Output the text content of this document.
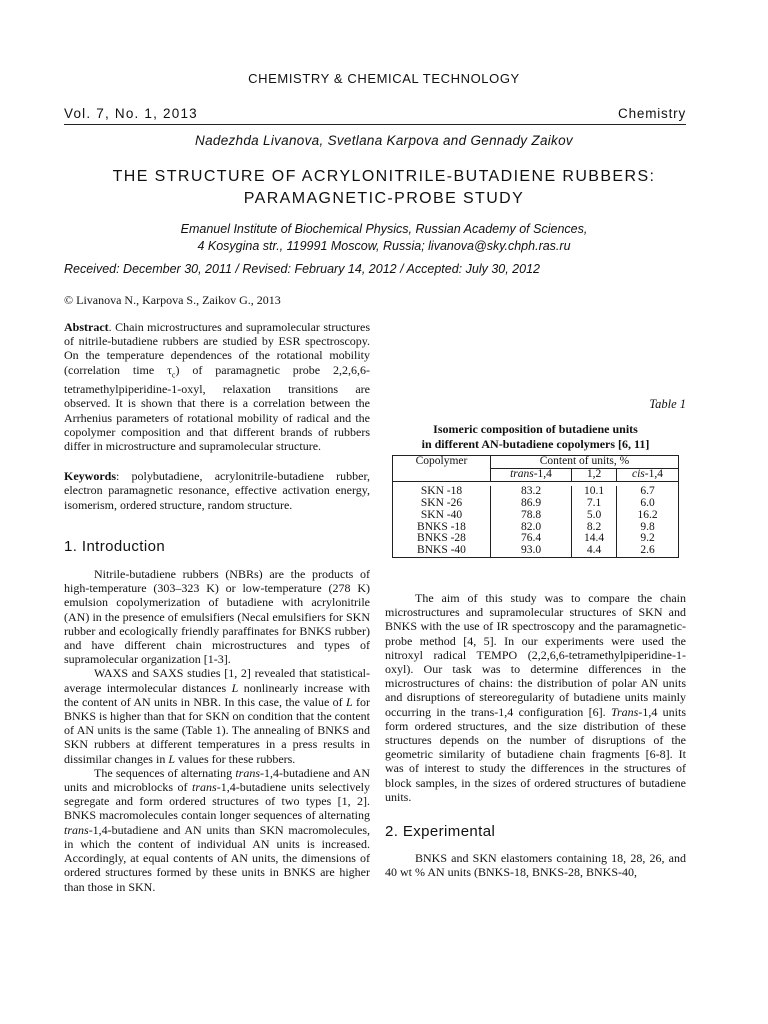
CHEMISTRY & CHEMICAL TECHNOLOGY
Vol. 7, No. 1, 2013	Chemistry
Nadezhda Livanova, Svetlana Karpova and Gennady Zaikov
THE STRUCTURE OF ACRYLONITRILE-BUTADIENE RUBBERS:
PARAMAGNETIC-PROBE STUDY
Emanuel Institute of Biochemical Physics, Russian Academy of Sciences,
4 Kosygina str., 119991 Moscow, Russia; livanova@sky.chph.ras.ru
Received: December 30, 2011 / Revised: February 14, 2012 / Accepted: July 30, 2012
© Livanova N., Karpova S., Zaikov G., 2013

Abstract. Chain microstructures and supramolecular structures of nitrile-butadiene rubbers are studied by ESR spectroscopy. On the temperature dependences of the rotational mobility (correlation time $\tau_c$) of paramagnetic probe 2,2,6,6-tetramethylpiperidine-1-oxyl, relaxation transitions are observed. It is shown that there is a correlation between the Arrhenius parameters of rotational mobility of radical and the copolymer composition and that different brands of rubbers differ in microstructure and supramolecular structure.

Keywords: polybutadiene, acrylonitrile-butadiene rubber, electron paramagnetic resonance, effective activation energy, isomerism, ordered structure, random structure.

1. Introduction

Nitrile-butadiene rubbers (NBRs) are the products of high-temperature (303–323 K) or low-temperature (278 K) emulsion copolymerization of butadiene with acrylonitrile (AN) in the presence of emulsifiers (Necal emulsifiers for SKN rubber and ecologically friendly paraffinates for BNKS rubber) and have different chain microstructures and types of supramolecular organization [1-3].

WAXS and SAXS studies [1, 2] revealed that statistical-average intermolecular distances L nonlinearly increase with the content of AN units in NBR. In this case, the value of L for BNKS is higher than that for SKN on condition that the content of AN units is the same (Table 1). The annealing of BNKS and SKN rubbers at different temperatures in a press results in dissimilar changes in L values for these rubbers.

The sequences of alternating trans-1,4-butadiene and AN units and microblocks of trans-1,4-butadiene units selectively segregate and form ordered structures of two types [1, 2]. BNKS macromolecules contain longer sequences of alternating trans-1,4-butadiene and AN units than SKN macromolecules, in which the content of individual AN units is increased. Accordingly, at equal contents of AN units, the dimensions of ordered structures formed by these units in BNKS are higher than those in SKN.

Table 1
Isomeric composition of butadiene units
in different AN-butadiene copolymers [6, 11]
Copolymer	Content of units, %		
	trans-1,4	1,2	cis-1,4

SKN -18	83.2	10.1	6.7
SKN -26	86.9	7.1	6.0
SKN -40	78.8	5.0	16.2
BNKS -18	82.0	8.2	9.8
BNKS -28	76.4	14.4	9.2
BNKS -40	93.0	4.4	2.6

The aim of this study was to compare the chain microstructures and supramolecular structures of SKN and BNKS with the use of IR spectroscopy and the paramagnetic-probe method [4, 5]. In our experiments were used the nitroxyl radical TEMPO (2,2,6,6-tetramethylpiperidine-1-oxyl). Our task was to determine differences in the microstructures of chains: the distribution of polar AN units and disruptions of stereoregularity of butadiene units mainly occurring in the trans-1,4 configuration [6]. Trans-1,4 units form ordered structures, and the size distribution of these structures depends on the number of disruptions of the geometric similarity of butadiene chain fragments [6-8]. It was of interest to study the differences in the structures of block samples, in the sizes of ordered structures of butadiene units.

2. Experimental

BNKS and SKN elastomers containing 18, 28, 26, and 40 wt % AN units (BNKS-18, BNKS-28, BNKS-40,
